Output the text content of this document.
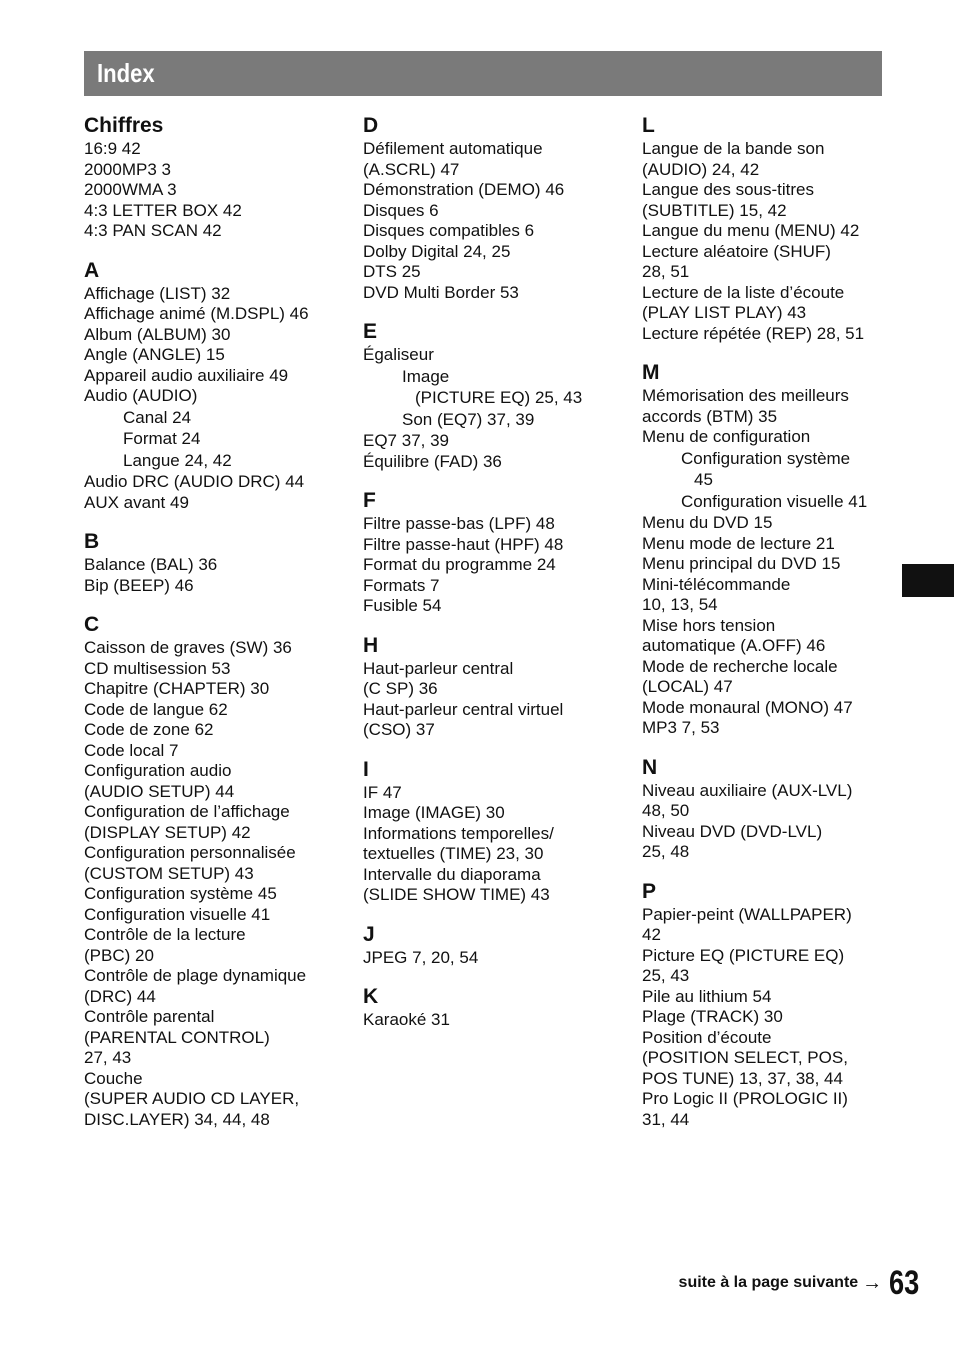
Index
Chiffres
16:9 42
2000MP3 3
2000WMA 3
4:3 LETTER BOX 42
4:3 PAN SCAN 42
A
Affichage (LIST) 32
Affichage animé (M.DSPL) 46
Album (ALBUM) 30
Angle (ANGLE) 15
Appareil audio auxiliaire 49
Audio (AUDIO)
Canal 24
Format 24
Langue 24, 42
Audio DRC (AUDIO DRC) 44
AUX avant 49
B
Balance (BAL) 36
Bip (BEEP) 46
C
Caisson de graves (SW) 36
CD multisession 53
Chapitre (CHAPTER) 30
Code de langue 62
Code de zone 62
Code local 7
Configuration audio
(AUDIO SETUP) 44
Configuration de l’affichage
(DISPLAY SETUP) 42
Configuration personnalisée
(CUSTOM SETUP) 43
Configuration système 45
Configuration visuelle 41
Contrôle de la lecture
(PBC) 20
Contrôle de plage dynamique
(DRC) 44
Contrôle parental
(PARENTAL CONTROL)
27, 43
Couche
(SUPER AUDIO CD LAYER,
DISC.LAYER) 34, 44, 48
D
Défilement automatique
(A.SCRL) 47
Démonstration (DEMO) 46
Disques 6
Disques compatibles 6
Dolby Digital 24, 25
DTS 25
DVD Multi Border 53
E
Égaliseur
Image
(PICTURE EQ) 25, 43
Son (EQ7) 37, 39
EQ7 37, 39
Équilibre (FAD) 36
F
Filtre passe-bas (LPF) 48
Filtre passe-haut (HPF) 48
Format du programme 24
Formats 7
Fusible 54
H
Haut-parleur central
(C SP) 36
Haut-parleur central virtuel
(CSO) 37
I
IF 47
Image (IMAGE) 30
Informations temporelles/
textuelles (TIME) 23, 30
Intervalle du diaporama
(SLIDE SHOW TIME) 43
J
JPEG 7, 20, 54
K
Karaoké 31
L
Langue de la bande son
(AUDIO) 24, 42
Langue des sous-titres
(SUBTITLE) 15, 42
Langue du menu (MENU) 42
Lecture aléatoire (SHUF)
28, 51
Lecture de la liste d’écoute
(PLAY LIST PLAY) 43
Lecture répétée (REP) 28, 51
M
Mémorisation des meilleurs
accords (BTM) 35
Menu de configuration
Configuration système
45
Configuration visuelle 41
Menu du DVD 15
Menu mode de lecture 21
Menu principal du DVD 15
Mini-télécommande
10, 13, 54
Mise hors tension
automatique (A.OFF) 46
Mode de recherche locale
(LOCAL) 47
Mode monaural (MONO) 47
MP3 7, 53
N
Niveau auxiliaire (AUX-LVL)
48, 50
Niveau DVD (DVD-LVL)
25, 48
P
Papier-peint (WALLPAPER)
42
Picture EQ (PICTURE EQ)
25, 43
Pile au lithium 54
Plage (TRACK) 30
Position d’écoute
(POSITION SELECT, POS,
POS TUNE) 13, 37, 38, 44
Pro Logic II (PROLOGIC II)
31, 44
suite à la page suivante → 63
